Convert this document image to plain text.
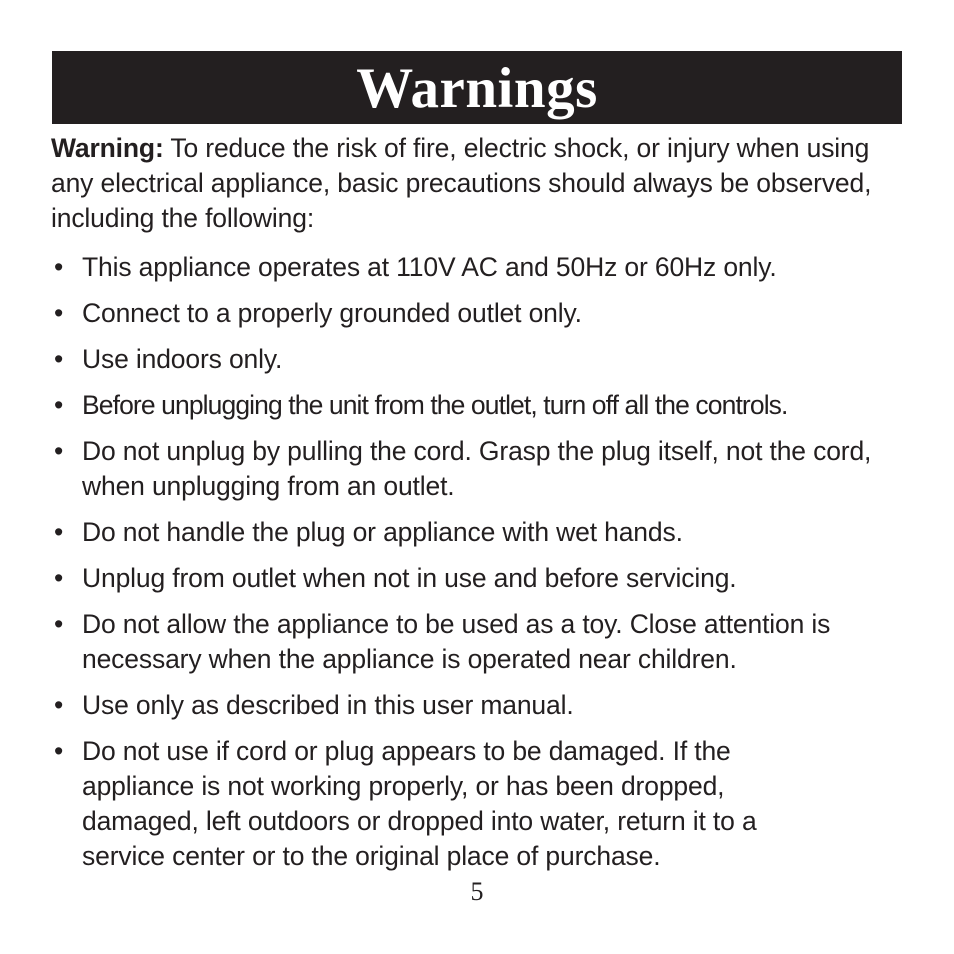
Warnings

Warning: To reduce the risk of fire, electric shock, or injury when using any electrical appliance, basic precautions should always be observed, including the following:

• This appliance operates at 110V AC and 50Hz or 60Hz only.
• Connect to a properly grounded outlet only.
• Use indoors only.
• Before unplugging the unit from the outlet, turn off all the controls.
• Do not unplug by pulling the cord. Grasp the plug itself, not the cord, when unplugging from an outlet.
• Do not handle the plug or appliance with wet hands.
• Unplug from outlet when not in use and before servicing.
• Do not allow the appliance to be used as a toy. Close attention is necessary when the appliance is operated near children.
• Use only as described in this user manual.
• Do not use if cord or plug appears to be damaged. If the appliance is not working properly, or has been dropped, damaged, left outdoors or dropped into water, return it to a service center or to the original place of purchase.
5
